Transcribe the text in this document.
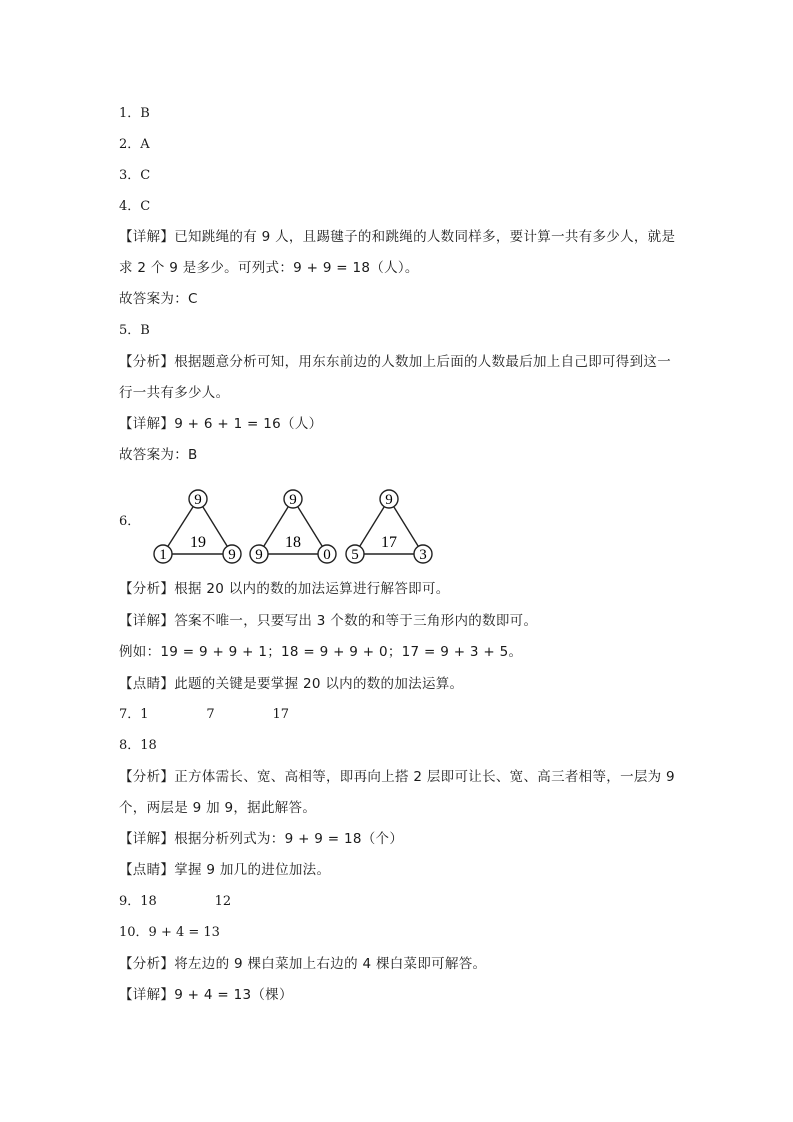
1．B
2．A
3．C
4．C
【详解】已知跳绳的有 9 人，且踢毽子的和跳绳的人数同样多，要计算一共有多少人，就是
求 2 个 9 是多少。可列式：9 + 9 = 18（人）。
故答案为：C
5．B
【分析】根据题意分析可知，用东东前边的人数加上后面的人数最后加上自己即可得到这一
行一共有多少人。
【详解】9 + 6 + 1 = 16（人）
故答案为：B
6．
9
1	9
19
9
9	0
18
9
5	3
17
【分析】根据 20 以内的数的加法运算进行解答即可。
【详解】答案不唯一，只要写出 3 个数的和等于三角形内的数即可。
例如：19 = 9 + 9 + 1；18 = 9 + 9 + 0；17 = 9 + 3 + 5。
【点睛】此题的关键是要掌握 20 以内的数的加法运算。
7．1              7              17
8．18
【分析】正方体需长、宽、高相等，即再向上搭 2 层即可让长、宽、高三者相等，一层为 9
个，两层是 9 加 9，据此解答。
【详解】根据分析列式为：9 + 9 = 18（个）
【点睛】掌握 9 加几的进位加法。
9．18              12
10．9 + 4 = 13
【分析】将左边的 9 棵白菜加上右边的 4 棵白菜即可解答。
【详解】9 + 4 = 13（棵）
